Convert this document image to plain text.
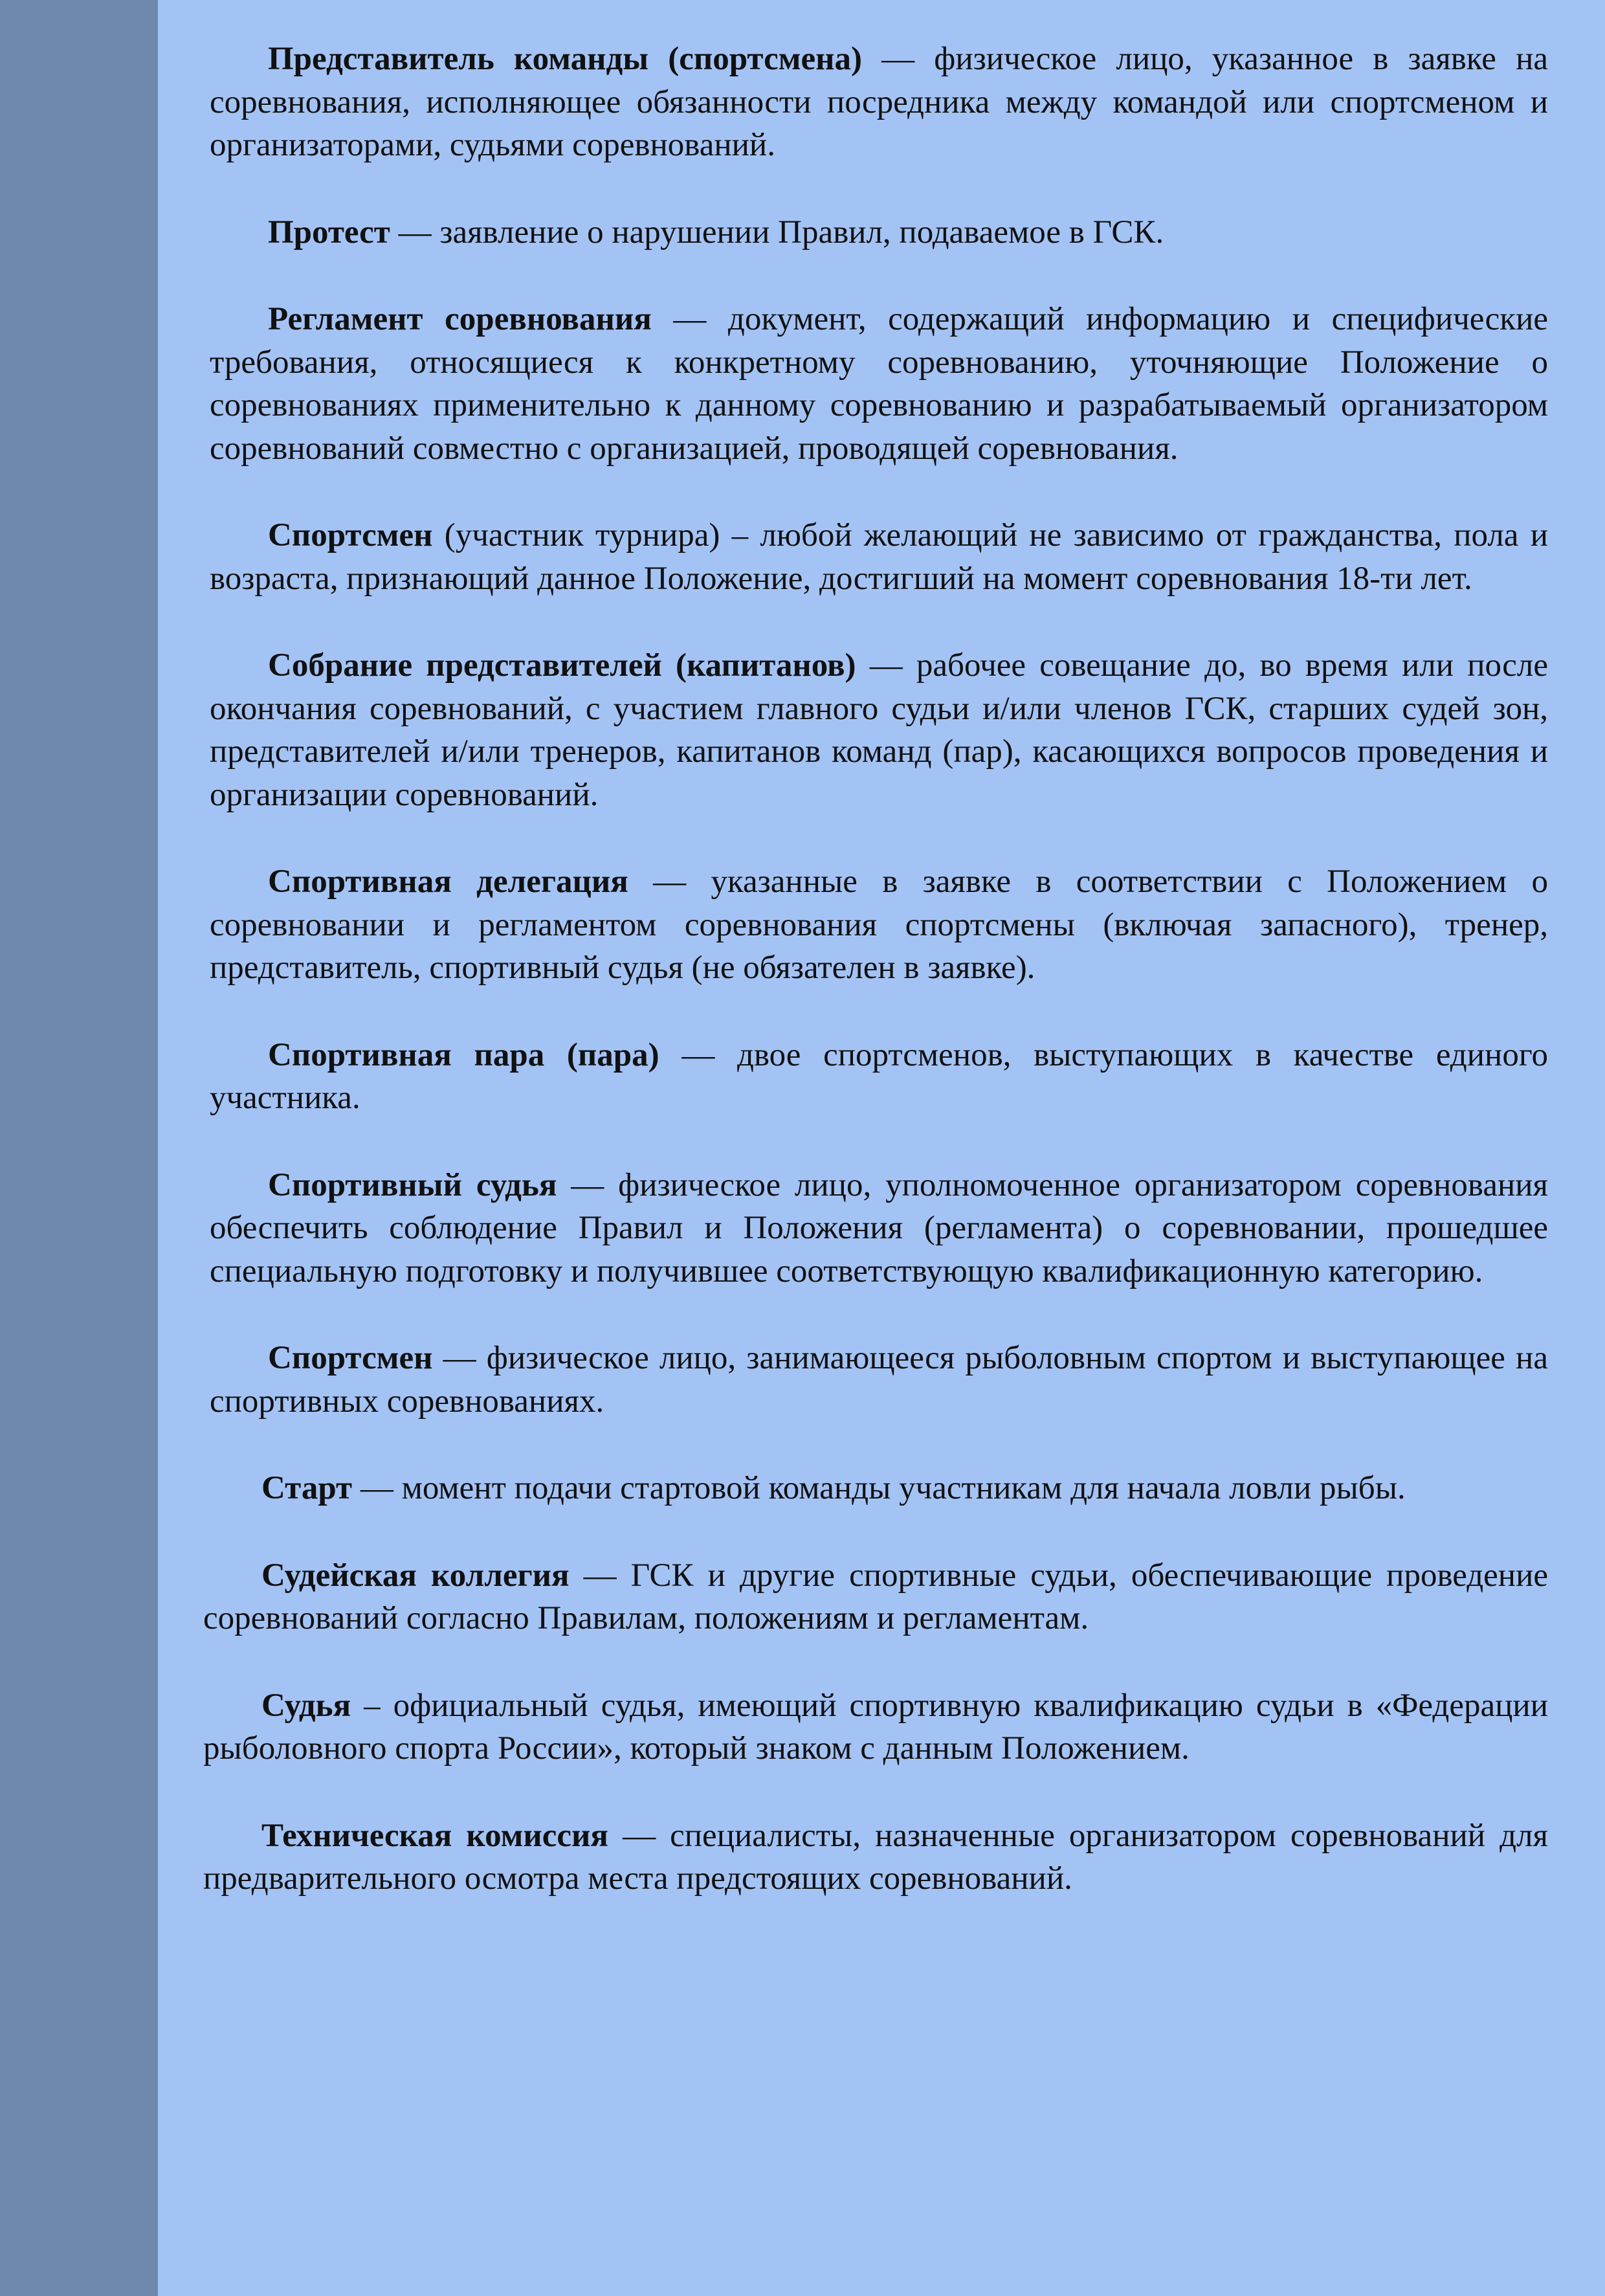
Представитель команды (спортсмена) — физическое лицо, указанное в заявке на соревнования, исполняющее обязанности посредника между командой или спортсменом и организаторами, судьями соревнований.

Протест — заявление о нарушении Правил, подаваемое в ГСК.

Регламент соревнования — документ, содержащий информацию и специфические требования, относящиеся к конкретному соревнованию, уточняющие Положение о соревнованиях применительно к данному соревнованию и разрабатываемый организатором соревнований совместно с организацией, проводящей соревнования.

Спортсмен (участник турнира) – любой желающий не зависимо от гражданства, пола и возраста, признающий данное Положение, достигший на момент соревнования 18-ти лет.

Собрание представителей (капитанов) — рабочее совещание до, во время или после окончания соревнований, с участием главного судьи и/или членов ГСК, старших судей зон, представителей и/или тренеров, капитанов команд (пар), касающихся вопросов проведения и организации соревнований.

Спортивная делегация — указанные в заявке в соответствии с Положением о соревновании и регламентом соревнования спортсмены (включая запасного), тренер, представитель, спортивный судья (не обязателен в заявке).

Спортивная пара (пара) — двое спортсменов, выступающих в качестве единого участника.

Спортивный судья — физическое лицо, уполномоченное организатором соревнования обеспечить соблюдение Правил и Положения (регламента) о соревновании, прошедшее специальную подготовку и получившее соответствующую квалификационную категорию.

Спортсмен — физическое лицо, занимающееся рыболовным спортом и выступающее на спортивных соревнованиях.

Старт — момент подачи стартовой команды участникам для начала ловли рыбы.

Судейская коллегия — ГСК и другие спортивные судьи, обеспечивающие проведение соревнований согласно Правилам, положениям и регламентам.

Судья – официальный судья, имеющий спортивную квалификацию судьи в «Федерации рыболовного спорта России», который знаком с данным Положением.

Техническая комиссия — специалисты, назначенные организатором соревнований для предварительного осмотра места предстоящих соревнований.
